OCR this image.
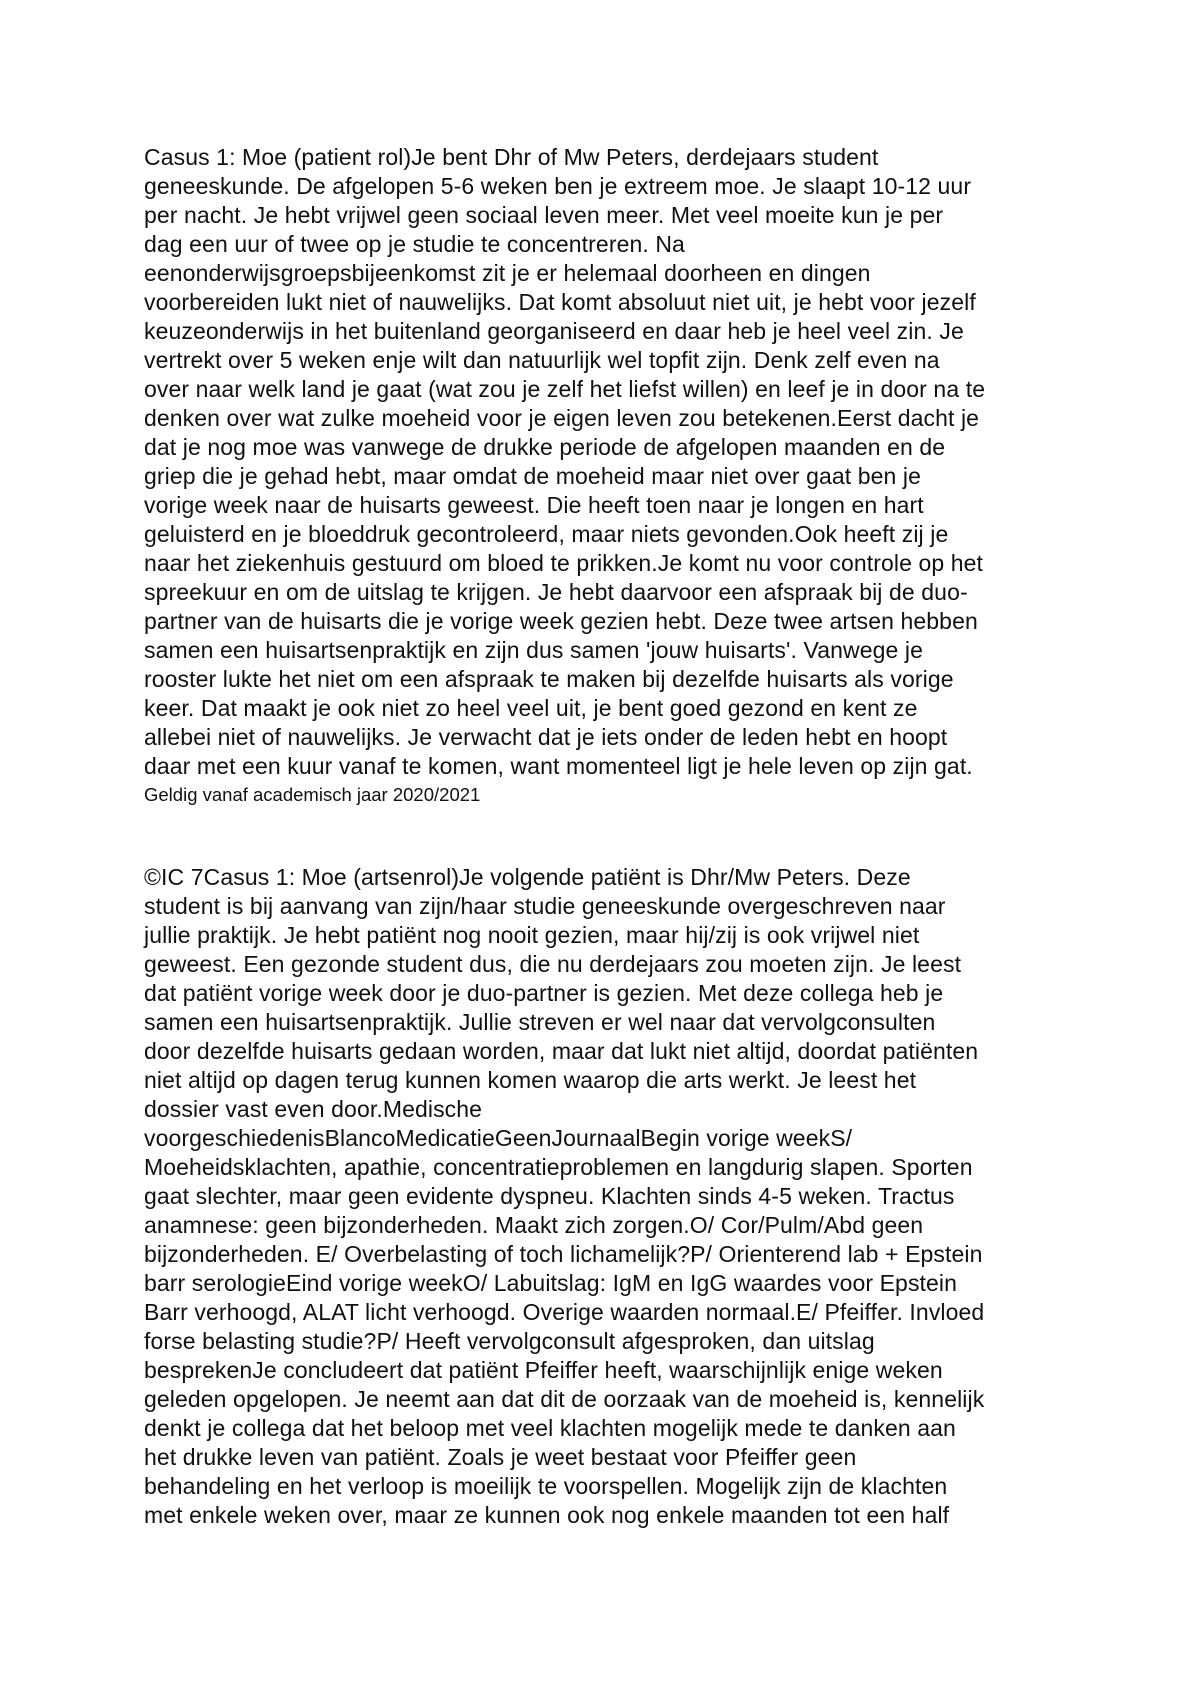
Casus 1: Moe (patient rol)Je bent Dhr of Mw Peters, derdejaars student
geneeskunde. De afgelopen 5-6 weken ben je extreem moe. Je slaapt 10-12 uur
per nacht. Je hebt vrijwel geen sociaal leven meer. Met veel moeite kun je per
dag een uur of twee op je studie te concentreren. Na
eenonderwijsgroepsbijeenkomst zit je er helemaal doorheen en dingen
voorbereiden lukt niet of nauwelijks. Dat komt absoluut niet uit, je hebt voor jezelf
keuzeonderwijs in het buitenland georganiseerd en daar heb je heel veel zin. Je
vertrekt over 5 weken enje wilt dan natuurlijk wel topfit zijn. Denk zelf even na
over naar welk land je gaat (wat zou je zelf het liefst willen) en leef je in door na te
denken over wat zulke moeheid voor je eigen leven zou betekenen.Eerst dacht je
dat je nog moe was vanwege de drukke periode de afgelopen maanden en de
griep die je gehad hebt, maar omdat de moeheid maar niet over gaat ben je
vorige week naar de huisarts geweest. Die heeft toen naar je longen en hart
geluisterd en je bloeddruk gecontroleerd, maar niets gevonden.Ook heeft zij je
naar het ziekenhuis gestuurd om bloed te prikken.Je komt nu voor controle op het
spreekuur en om de uitslag te krijgen. Je hebt daarvoor een afspraak bij de duo-
partner van de huisarts die je vorige week gezien hebt. Deze twee artsen hebben
samen een huisartsenpraktijk en zijn dus samen 'jouw huisarts'. Vanwege je
rooster lukte het niet om een afspraak te maken bij dezelfde huisarts als vorige
keer. Dat maakt je ook niet zo heel veel uit, je bent goed gezond en kent ze
allebei niet of nauwelijks. Je verwacht dat je iets onder de leden hebt en hoopt
daar met een kuur vanaf te komen, want momenteel ligt je hele leven op zijn gat.
Geldig vanaf academisch jaar 2020/2021
©IC 7Casus 1: Moe (artsenrol)Je volgende patiënt is Dhr/Mw Peters. Deze
student is bij aanvang van zijn/haar studie geneeskunde overgeschreven naar
jullie praktijk. Je hebt patiënt nog nooit gezien, maar hij/zij is ook vrijwel niet
geweest. Een gezonde student dus, die nu derdejaars zou moeten zijn. Je leest
dat patiënt vorige week door je duo-partner is gezien. Met deze collega heb je
samen een huisartsenpraktijk. Jullie streven er wel naar dat vervolgconsulten
door dezelfde huisarts gedaan worden, maar dat lukt niet altijd, doordat patiënten
niet altijd op dagen terug kunnen komen waarop die arts werkt. Je leest het
dossier vast even door.Medische
voorgeschiedenisBlancoMedicatieGeenJournaalBegin vorige weekS/
Moeheidsklachten, apathie, concentratieproblemen en langdurig slapen. Sporten
gaat slechter, maar geen evidente dyspneu. Klachten sinds 4-5 weken. Tractus
anamnese: geen bijzonderheden. Maakt zich zorgen.O/ Cor/Pulm/Abd geen
bijzonderheden. E/ Overbelasting of toch lichamelijk?P/ Orienterend lab + Epstein
barr serologieEind vorige weekO/ Labuitslag: IgM en IgG waardes voor Epstein
Barr verhoogd, ALAT licht verhoogd. Overige waarden normaal.E/ Pfeiffer. Invloed
forse belasting studie?P/ Heeft vervolgconsult afgesproken, dan uitslag
besprekenJe concludeert dat patiënt Pfeiffer heeft, waarschijnlijk enige weken
geleden opgelopen. Je neemt aan dat dit de oorzaak van de moeheid is, kennelijk
denkt je collega dat het beloop met veel klachten mogelijk mede te danken aan
het drukke leven van patiënt. Zoals je weet bestaat voor Pfeiffer geen
behandeling en het verloop is moeilijk te voorspellen. Mogelijk zijn de klachten
met enkele weken over, maar ze kunnen ook nog enkele maanden tot een half
